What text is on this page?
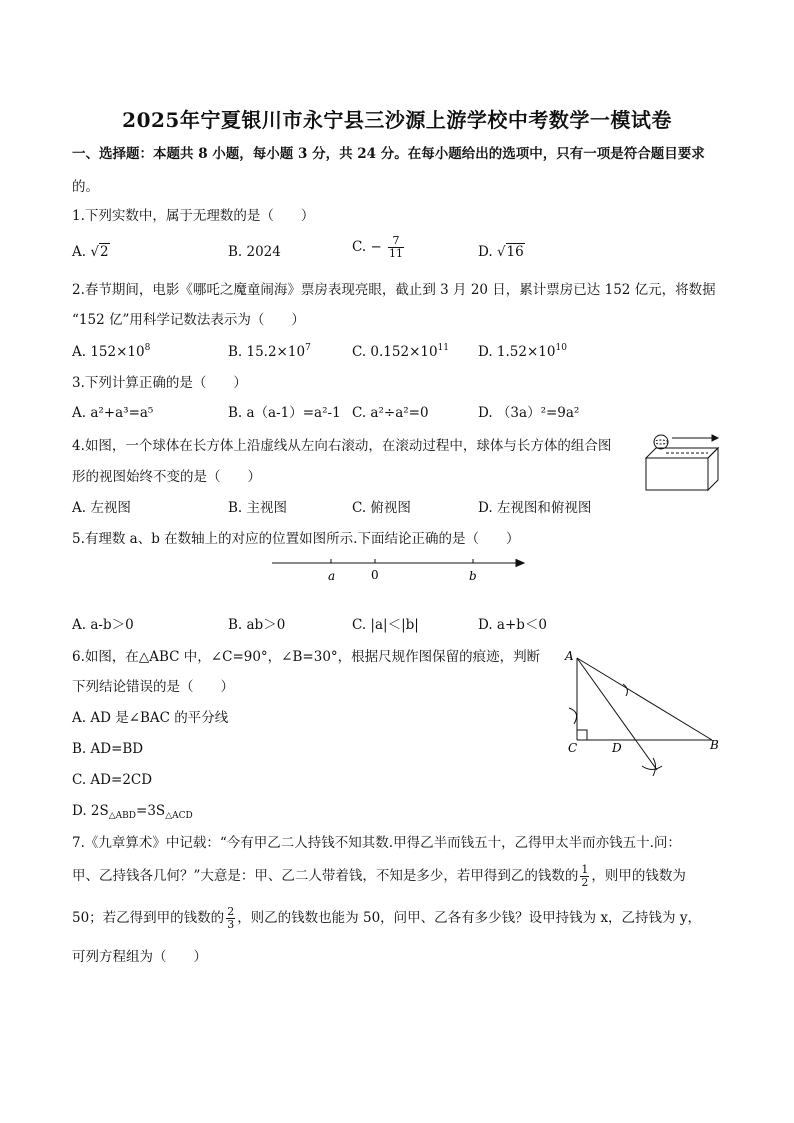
2025年宁夏银川市永宁县三沙源上游学校中考数学一模试卷
一、选择题：本题共 8 小题，每小题 3 分，共 24 分。在每小题给出的选项中，只有一项是符合题目要求
的。
1.下列实数中，属于无理数的是（　　）
A. √2	B. 2024	C. − $\frac{7}{11}$	D. √16
2.春节期间，电影《哪吒之魔童闹海》票房表现亮眼，截止到 3 月 20 日，累计票房已达 152 亿元，将数据
“152 亿”用科学记数法表示为（　　）
A. $152\times 10^8$	B. $15.2\times 10^7$	C. $0.152\times 10^{11}$ D. $1.52\times 10^{10}$
3.下列计算正确的是（　　）
A. a²+a³=a⁵	B. a（a-1）=a²-1 C. a²÷a²=0	D. （3a）²=9a²
4.如图，一个球体在长方体上沿虚线从左向右滚动，在滚动过程中，球体与长方体的组合图
形的视图始终不变的是（　　）
A. 左视图	B. 主视图	C. 俯视图	D. 左视图和俯视图
5.有理数 a、b 在数轴上的对应的位置如图所示.下面结论正确的是（　　）
a	0	b
A. a-b＞0	B. ab＞0	C. |a|＜|b|	D. a+b＜0
6.如图，在△ABC 中，∠C=90°，∠B=30°，根据尺规作图保留的痕迹，判断
下列结论错误的是（　　）
A. AD 是∠BAC 的平分线
B. AD=BD
C. AD=2CD
D. $2S_{\triangle ABD}=3S_{\triangle ACD}$
A
C	D	B
7.《九章算术》中记载：“今有甲乙二人持钱不知其数.甲得乙半而钱五十，乙得甲太半而亦钱五十.问：
甲、乙持钱各几何？”大意是：甲、乙二人带着钱，不知是多少，若甲得到乙的钱数的 $\frac{1}{2}$ ，则甲的钱数为
50；若乙得到甲的钱数的 $\frac{2}{3}$ ，则乙的钱数也能为 50，问甲、乙各有多少钱？设甲持钱为 x，乙持钱为 y，
可列方程组为（　　）
